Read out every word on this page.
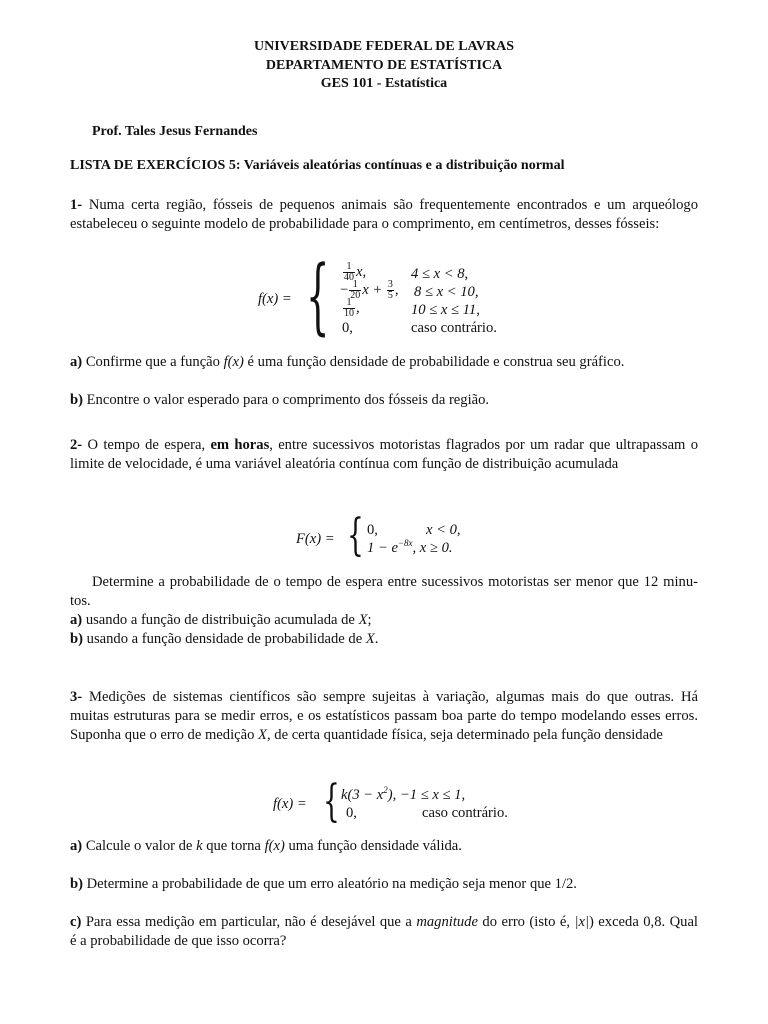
UNIVERSIDADE FEDERAL DE LAVRAS
DEPARTAMENTO DE ESTATÍSTICA
GES 101 - Estatística
Prof. Tales Jesus Fernandes
LISTA DE EXERCÍCIOS 5: Variáveis aleatórias contínuas e a distribuição normal
1- Numa certa região, fósseis de pequenos animais são frequentemente encontrados e um arqueólogo
estabeleceu o seguinte modelo de probabilidade para o comprimento, em centímetros, desses fósseis:
f(x) = { $\frac{1}{40} x$,	4 ≤ x < 8,
− $\frac{1}{20}$ $x + \frac{3}{5}$ , 8 ≤ x < 10,
$\frac{1}{10}$ ,	10 ≤ x ≤ 11,
0,	caso contrário.
a) Confirme que a função f(x) é uma função densidade de probabilidade e construa seu gráfico.
b) Encontre o valor esperado para o comprimento dos fósseis da região.
2- O tempo de espera, em horas, entre sucessivos motoristas flagrados por um radar que ultrapassam o
limite de velocidade, é uma variável aleatória contínua com função de distribuição acumulada
F(x) = { 0,	x < 0,
$1 - e^{-8x}$, x ≥ 0.
Determine a probabilidade de o tempo de espera entre sucessivos motoristas ser menor que 12 minu-
tos.
a) usando a função de distribuição acumulada de X;
b) usando a função densidade de probabilidade de X.
3- Medições de sistemas científicos são sempre sujeitas à variação, algumas mais do que outras. Há
muitas estruturas para se medir erros, e os estatísticos passam boa parte do tempo modelando esses erros.
Suponha que o erro de medição X, de certa quantidade física, seja determinado pela função densidade
f(x) = { $k(3 - x^2)$, −1 ≤ x ≤ 1,
0,	caso contrário.
a) Calcule o valor de k que torna f(x) uma função densidade válida.
b) Determine a probabilidade de que um erro aleatório na medição seja menor que 1/2.
c) Para essa medição em particular, não é desejável que a magnitude do erro (isto é, |x|) exceda 0,8. Qual
é a probabilidade de que isso ocorra?
